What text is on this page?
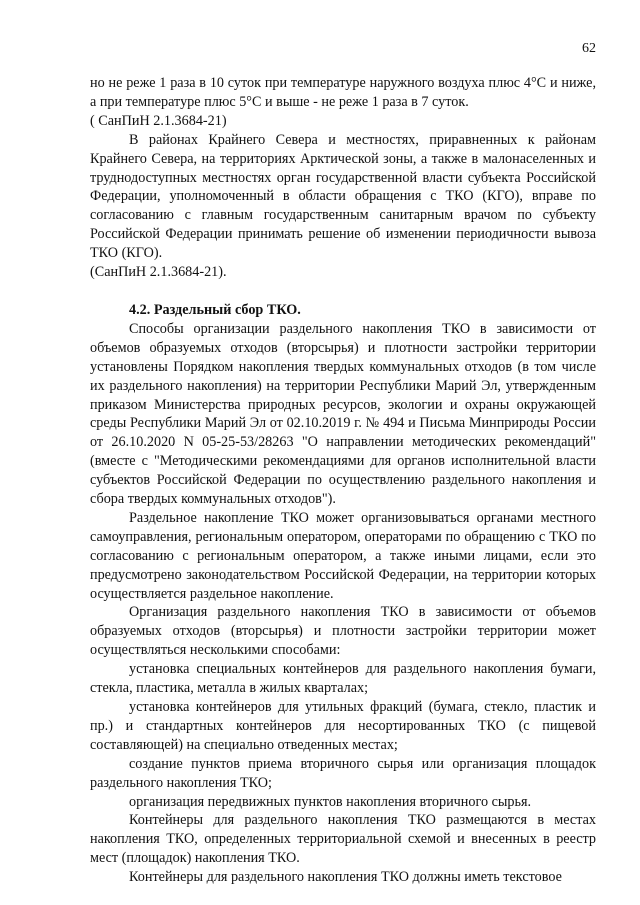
62

но не реже 1 раза в 10 суток при температуре наружного воздуха плюс 4°С и ниже, а при температуре плюс 5°С и выше - не реже 1 раза в 7 суток.

( СанПиН 2.1.3684-21)

В районах Крайнего Севера и местностях, приравненных к районам Крайнего Севера, на территориях Арктической зоны, а также в малонаселенных и труднодоступных местностях орган государственной власти субъекта Российской Федерации, уполномоченный в области обращения с ТКО (КГО), вправе по согласованию с главным государственным санитарным врачом по субъекту Российской Федерации принимать решение об изменении периодичности вывоза ТКО (КГО).

(СанПиН 2.1.3684-21).

4.2. Раздельный сбор ТКО.

Способы организации раздельного накопления ТКО в зависимости от объемов образуемых отходов (вторсырья) и плотности застройки территории установлены Порядком накопления твердых коммунальных отходов (в том числе их раздельного накопления) на территории Республики Марий Эл, утвержденным приказом Министерства природных ресурсов, экологии и охраны окружающей среды Республики Марий Эл от 02.10.2019 г. № 494 и Письма Минприроды России от 26.10.2020 N 05-25-53/28263 "О направлении методических рекомендаций" (вместе с "Методическими рекомендациями для органов исполнительной власти субъектов Российской Федерации по осуществлению раздельного накопления и сбора твердых коммунальных отходов").

Раздельное накопление ТКО может организовываться органами местного самоуправления, региональным оператором, операторами по обращению с ТКО по согласованию с региональным оператором, а также иными лицами, если это предусмотрено законодательством Российской Федерации, на территории которых осуществляется раздельное накопление.

Организация раздельного накопления ТКО в зависимости от объемов образуемых отходов (вторсырья) и плотности застройки территории может осуществляться несколькими способами:

установка специальных контейнеров для раздельного накопления бумаги, стекла, пластика, металла в жилых кварталах;

установка контейнеров для утильных фракций (бумага, стекло, пластик и пр.) и стандартных контейнеров для несортированных ТКО (с пищевой составляющей) на специально отведенных местах;

создание пунктов приема вторичного сырья или организация площадок раздельного накопления ТКО;

организация передвижных пунктов накопления вторичного сырья.

Контейнеры для раздельного накопления ТКО размещаются в местах накопления ТКО, определенных территориальной схемой и внесенных в реестр мест (площадок) накопления ТКО.

Контейнеры для раздельного накопления ТКО должны иметь текстовое
